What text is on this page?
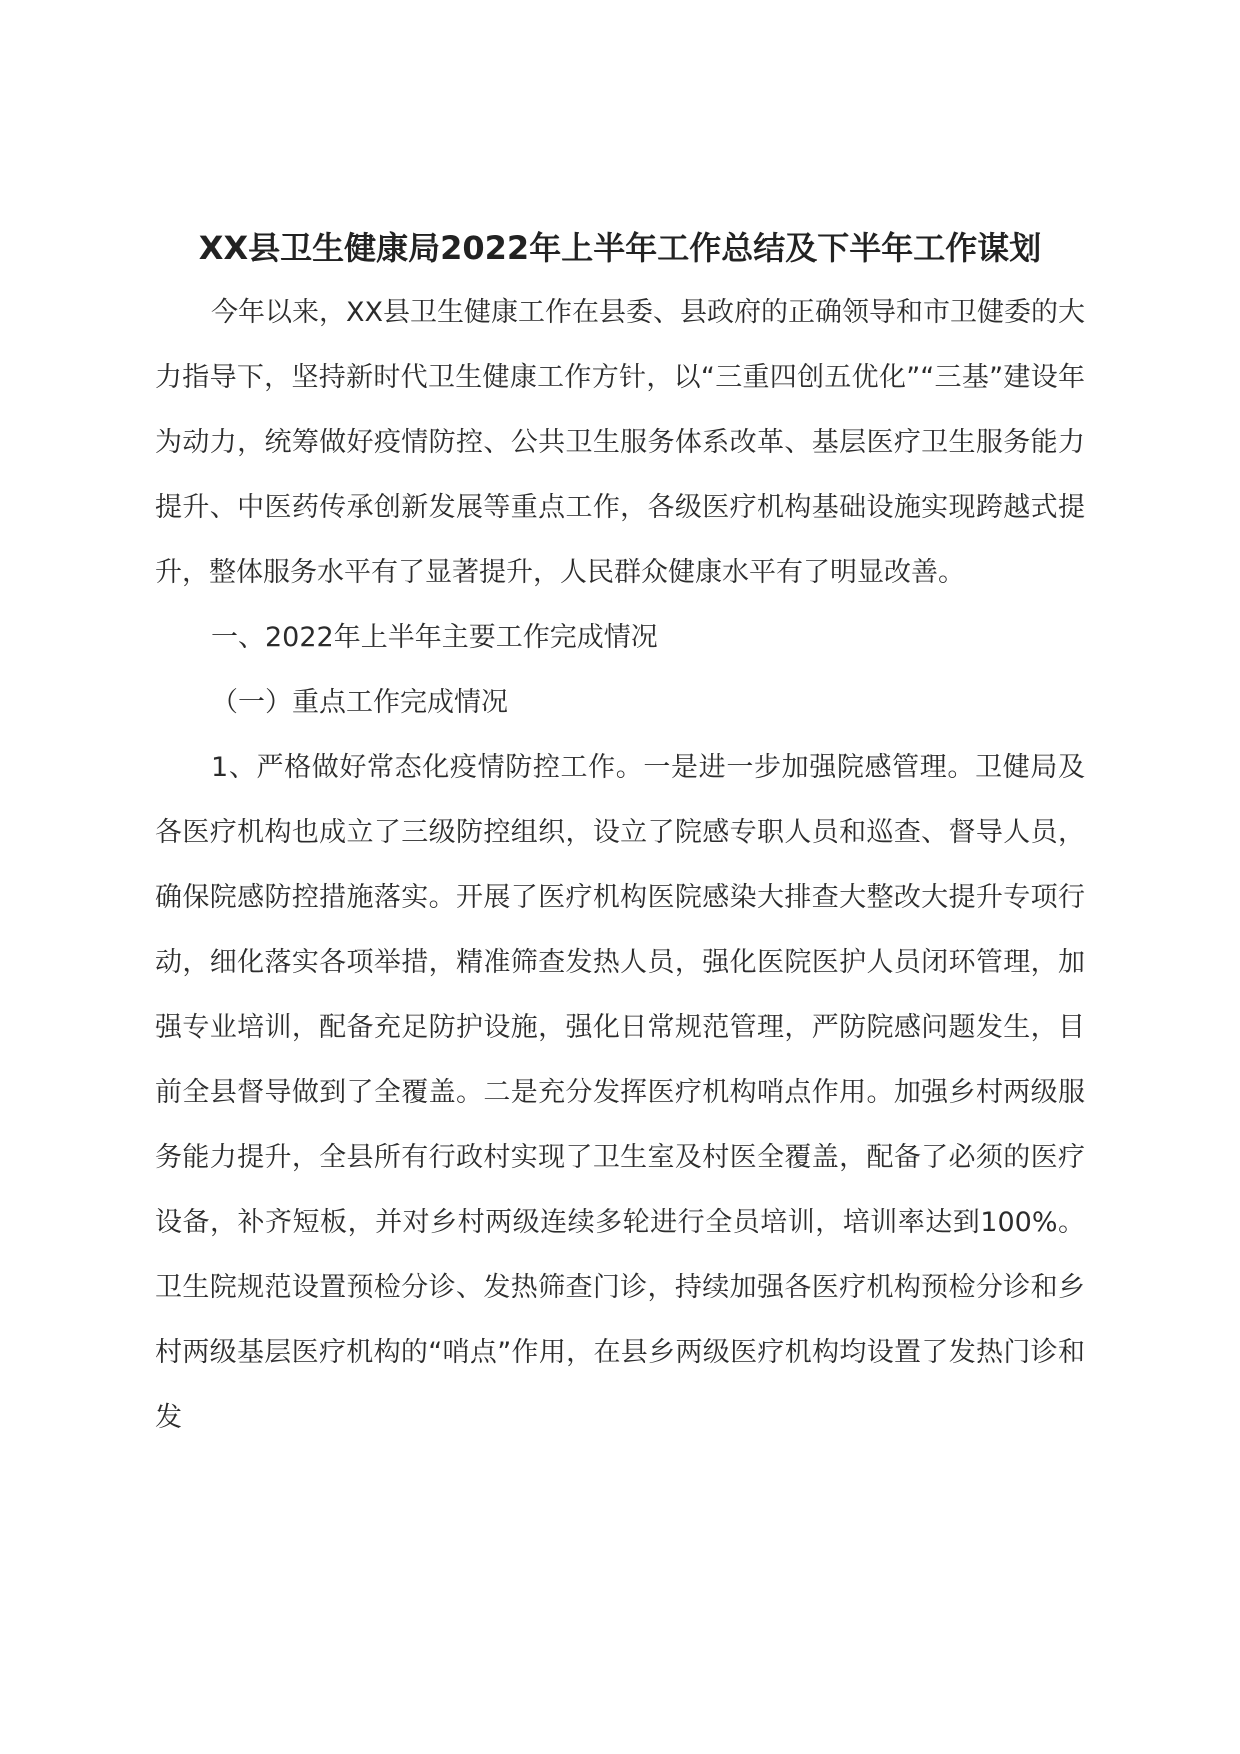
XX县卫生健康局2022年上半年工作总结及下半年工作谋划

今年以来，XX县卫生健康工作在县委、县政府的正确领导和市卫健委的大力指导下，坚持新时代卫生健康工作方针，以“三重四创五优化”“三基”建设年为动力，统筹做好疫情防控、公共卫生服务体系改革、基层医疗卫生服务能力提升、中医药传承创新发展等重点工作，各级医疗机构基础设施实现跨越式提升，整体服务水平有了显著提升，人民群众健康水平有了明显改善。

一、2022年上半年主要工作完成情况

（一）重点工作完成情况

1、严格做好常态化疫情防控工作。一是进一步加强院感管理。卫健局及各医疗机构也成立了三级防控组织，设立了院感专职人员和巡查、督导人员，确保院感防控措施落实。开展了医疗机构医院感染大排查大整改大提升专项行动，细化落实各项举措，精准筛查发热人员，强化医院医护人员闭环管理，加强专业培训，配备充足防护设施，强化日常规范管理，严防院感问题发生，目前全县督导做到了全覆盖。二是充分发挥医疗机构哨点作用。加强乡村两级服务能力提升，全县所有行政村实现了卫生室及村医全覆盖，配备了必须的医疗设备，补齐短板，并对乡村两级连续多轮进行全员培训，培训率达到100%。卫生院规范设置预检分诊、发热筛查门诊，持续加强各医疗机构预检分诊和乡村两级基层医疗机构的“哨点”作用，在县乡两级医疗机构均设置了发热门诊和发
